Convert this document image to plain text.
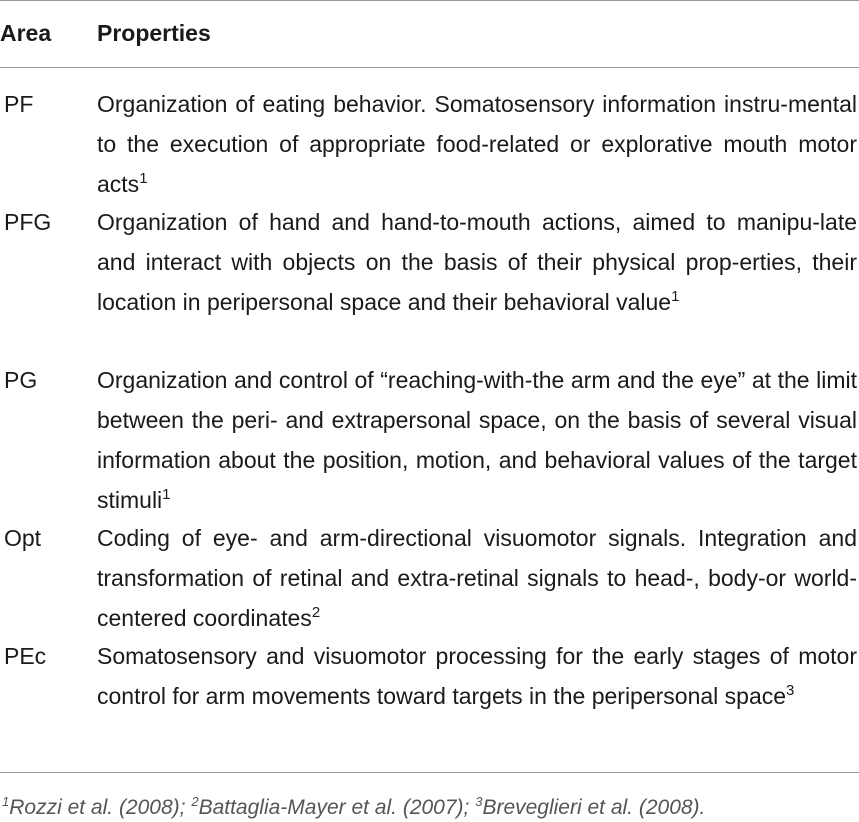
Area Properties
PF	Organization of eating behavior. Somatosensory information instru-mental to the execution of appropriate food-related or explorative mouth motor acts$^1$
PFG Organization of hand and hand-to-mouth actions, aimed to manipu-late and interact with objects on the basis of their physical prop-erties, their location in peripersonal space and their behavioral value$^1$
PG	Organization and control of “reaching-with-the arm and the eye” at the limit between the peri- and extrapersonal space, on the basis of several visual information about the position, motion, and behavioral values of the target stimuli$^1$
Opt Coding of eye- and arm-directional visuomotor signals. Integration and transformation of retinal and extra-retinal signals to head-, body-or world-centered coordinates$^2$
PEc Somatosensory and visuomotor processing for the early stages of motor control for arm movements toward targets in the peripersonal space$^3$
$^1$Rozzi et al. (2008); $^2$Battaglia-Mayer et al. (2007); $^3$Breveglieri et al. (2008).
